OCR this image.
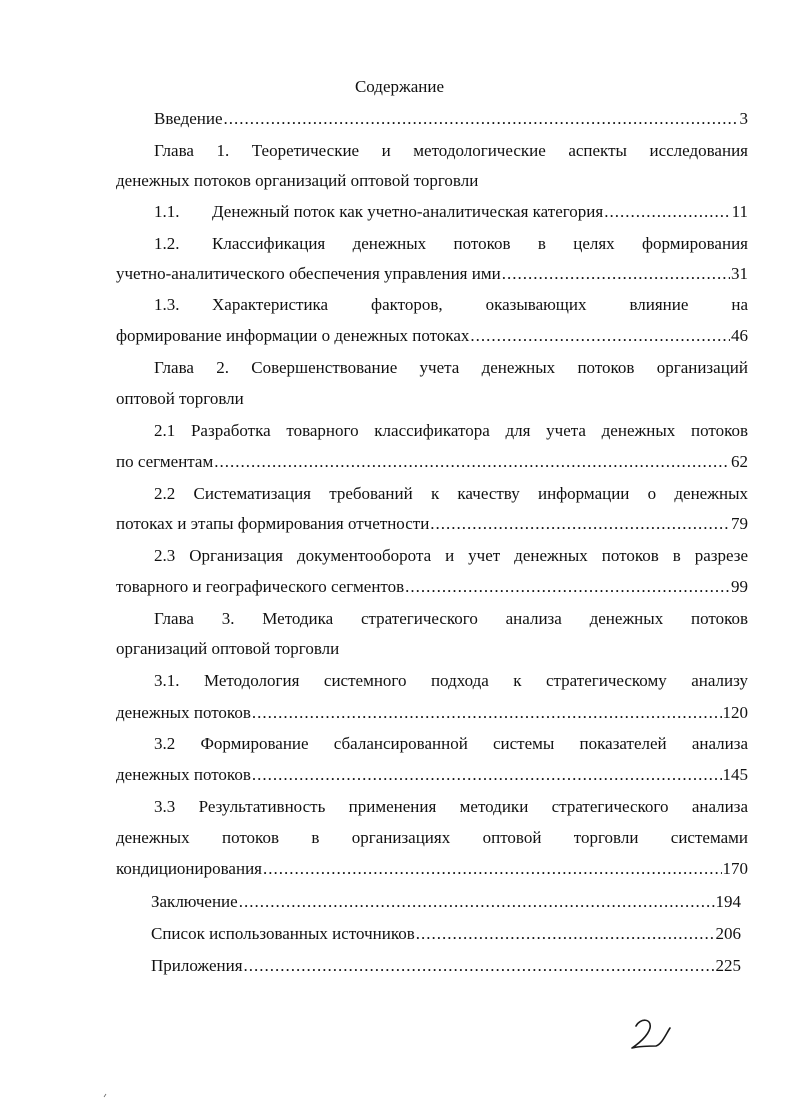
Содержание
Введение .....	3
Глава 1. Теоретические и методологические аспекты исследования
денежных потоков организаций оптовой торговли
1.1. Денежный поток как учетно-аналитическая категория .....	11
1.2.	Классификация денежных потоков в целях формирования
учетно-аналитического обеспечения управления ими .....	31
1.3.	Характеристика факторов, оказывающих влияние на
формирование информации о денежных потоках .....	46
Глава 2. Совершенствование учета денежных потоков организаций
оптовой торговли
2.1 Разработка товарного классификатора для учета денежных потоков
по сегментам .....	62
2.2 Систематизация требований к качеству информации о денежных
потоках и этапы формирования отчетности .....	79
2.3 Организация документооборота и учет денежных потоков в разрезе
товарного и географического сегментов .....	99
Глава 3. Методика стратегического анализа денежных потоков
организаций оптовой торговли
3.1. Методология системного подхода к стратегическому анализу
денежных потоков .....	120
3.2 Формирование сбалансированной системы показателей анализа
денежных потоков .....	145
3.3 Результативность применения методики стратегического анализа
денежных потоков в организациях оптовой торговли системами
кондиционирования .....	170
Заключение .....	194
Список использованных источников .....	206
Приложения .....	225
